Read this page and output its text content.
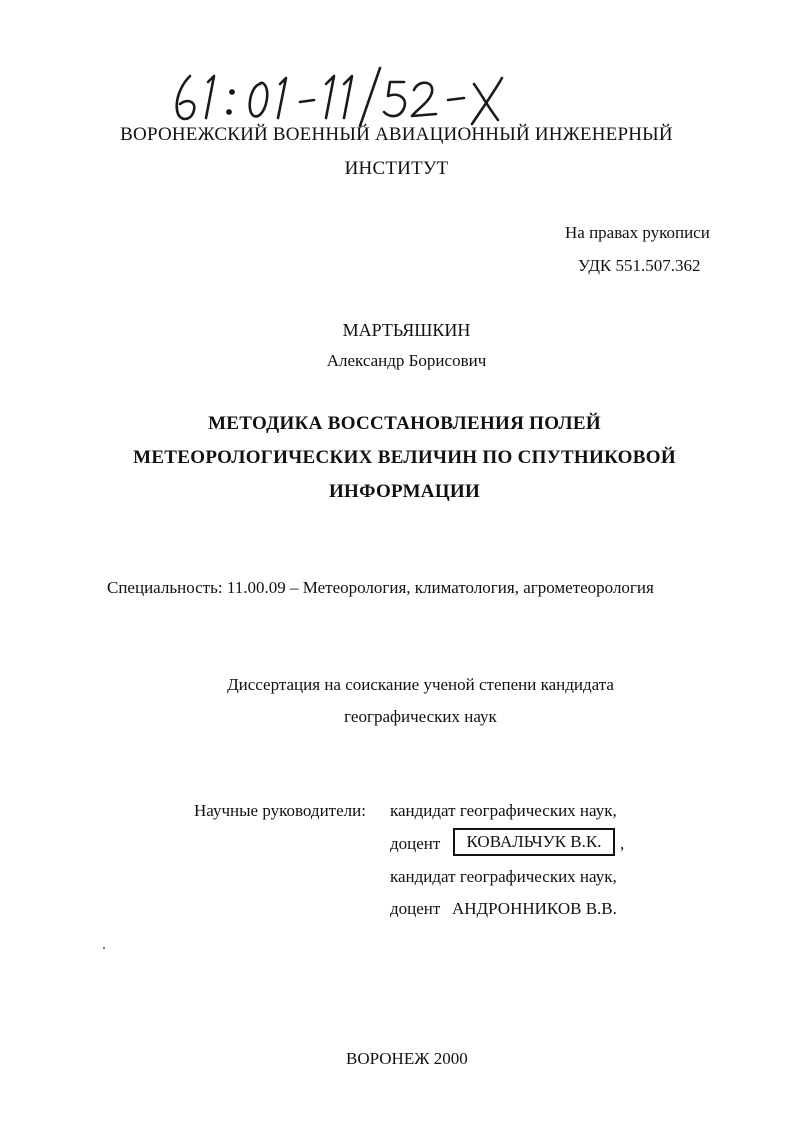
ВОРОНЕЖСКИЙ ВОЕННЫЙ АВИАЦИОННЫЙ ИНЖЕНЕРНЫЙ
ИНСТИТУТ
На правах рукописи
УДК 551.507.362
МАРТЬЯШКИН
Александр Борисович
МЕТОДИКА ВОССТАНОВЛЕНИЯ ПОЛЕЙ
МЕТЕОРОЛОГИЧЕСКИХ ВЕЛИЧИН ПО СПУТНИКОВОЙ
ИНФОРМАЦИИ
Специальность: 11.00.09 – Метеорология, климатология, агрометеорология
Диссертация на соискание ученой степени кандидата
географических наук
Научные руководители: кандидат географических наук,
доцент	КОВАЛЬЧУК В.К.	,
кандидат географических наук,
доцент АНДРОННИКОВ В.В.
ВОРОНЕЖ 2000
